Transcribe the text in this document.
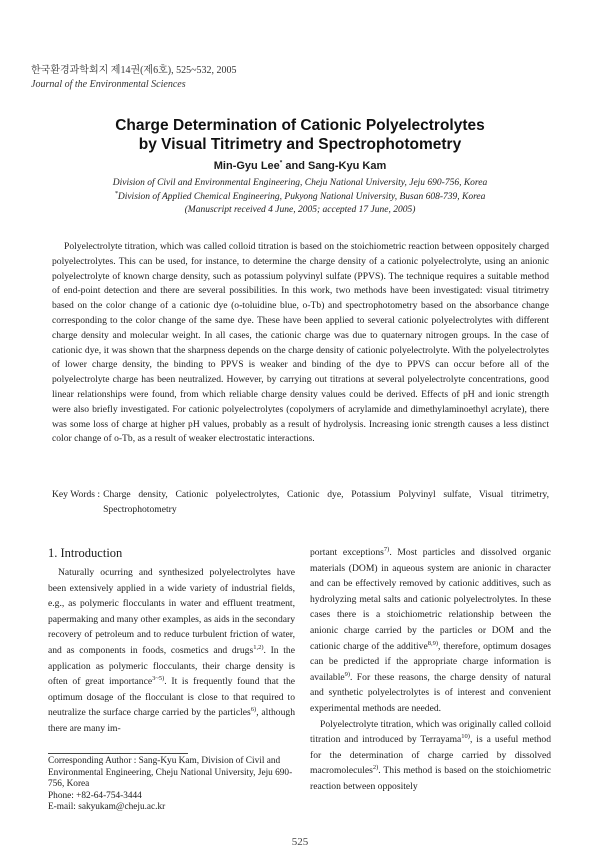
한국환경과학회지 제14권(제6호), 525~532, 2005
Journal of the Environmental Sciences
Charge Determination of Cationic Polyelectrolytes
by Visual Titrimetry and Spectrophotometry
Min-Gyu Lee* and Sang-Kyu Kam
Division of Civil and Environmental Engineering, Cheju National University, Jeju 690-756, Korea
*Division of Applied Chemical Engineering, Pukyong National University, Busan 608-739, Korea
(Manuscript received 4 June, 2005; accepted 17 June, 2005)

Polyelectrolyte titration, which was called colloid titration is based on the stoichiometric reaction between oppositely charged polyelectrolytes. This can be used, for instance, to determine the charge density of a cationic polyelectrolyte, using an anionic polyelectrolyte of known charge density, such as potassium polyvinyl sulfate (PPVS). The technique requires a suitable method of end-point detection and there are several possibilities. In this work, two methods have been investigated: visual titrimetry based on the color change of a cationic dye (o-toluidine blue, o-Tb) and spectrophotometry based on the absorbance change corresponding to the color change of the same dye. These have been applied to several cationic polyelectrolytes with different charge density and molecular weight. In all cases, the cationic charge was due to quaternary nitrogen groups. In the case of cationic dye, it was shown that the sharpness depends on the charge density of cationic polyelectrolyte. With the polyelectrolytes of lower charge density, the binding to PPVS is weaker and binding of the dye to PPVS can occur before all of the polyelectrolyte charge has been neutralized. However, by carrying out titrations at several polyelectrolyte concentrations, good linear relationships were found, from which reliable charge density values could be derived. Effects of pH and ionic strength were also briefly investigated. For cationic polyelectrolytes (copolymers of acrylamide and dimethylaminoethyl acrylate), there was some loss of charge at higher pH values, probably as a result of hydrolysis. Increasing ionic strength causes a less distinct color change of o-Tb, as a result of weaker electrostatic interactions.

Key Words : Charge density, Cationic polyelectrolytes, Cationic dye, Potassium Polyvinyl sulfate, Visual titrimetry, Spectrophotometry
1. Introduction

Naturally ocurring and synthesized polyelectrolytes have been extensively applied in a wide variety of industrial fields, e.g., as polymeric flocculants in water and effluent treatment, papermaking and many other examples, as aids in the secondary recovery of petroleum and to reduce turbulent friction of water, and as components in foods, cosmetics and drugs$^{1,2)}$. In the application as polymeric flocculants, their charge density is often of great importance$^{3\sim 5)}$. It is frequently found that the optimum dosage of the flocculant is close to that required to neutralize the surface charge carried by the particles$^{6)}$, although there are many im-

portant exceptions$^{7)}$. Most particles and dissolved organic materials (DOM) in aqueous system are anionic in character and can be effectively removed by cationic additives, such as hydrolyzing metal salts and cationic polyelectrolytes. In these cases there is a stoichiometric relationship between the anionic charge carried by the particles or DOM and the cationic charge of the additive$^{8,9)}$, therefore, optimum dosages can be predicted if the appropriate charge information is available$^{9)}$. For these reasons, the charge density of natural and synthetic polyelectrolytes is of interest and convenient experimental methods are needed.

Polyelectrolyte titration, which was originally called colloid titration and introduced by Terrayama$^{10)}$, is a useful method for the determination of charge carried by dissolved macromolecules$^{2)}$. This method is based on the stoichiometric reaction between oppositely

Corresponding Author : Sang-Kyu Kam, Division of Civil and Environmental Engineering, Cheju National University, Jeju 690-756, Korea
Phone: +82-64-754-3444
E-mail: sakyukam@cheju.ac.kr
525
